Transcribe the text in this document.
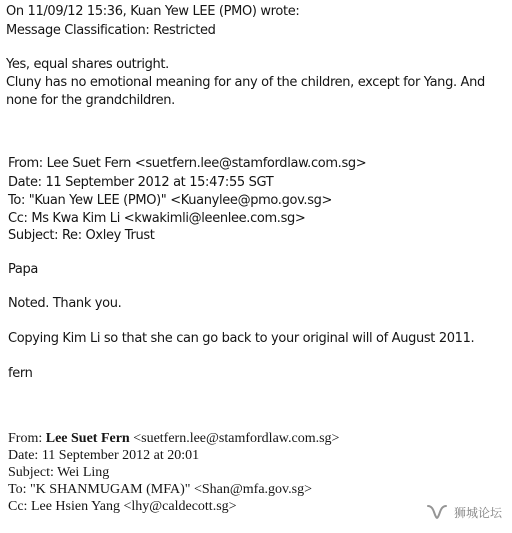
On 11/09/12 15:36, Kuan Yew LEE (PMO) wrote:
Message Classification: Restricted
Yes, equal shares outright.
Cluny has no emotional meaning for any of the children, except for Yang. And
none for the grandchildren.
From: Lee Suet Fern <suetfern.lee@stamfordlaw.com.sg>
Date: 11 September 2012 at 15:47:55 SGT
To: "Kuan Yew LEE (PMO)" <Kuanylee@pmo.gov.sg>
Cc: Ms Kwa Kim Li <kwakimli@leenlee.com.sg>
Subject: Re: Oxley Trust
Papa
Noted. Thank you.
Copying Kim Li so that she can go back to your original will of August 2011.
fern
From: Lee Suet Fern <suetfern.lee@stamfordlaw.com.sg>
Date: 11 September 2012 at 20:01
Subject: Wei Ling
To: "K SHANMUGAM (MFA)" <Shan@mfa.gov.sg>
Cc: Lee Hsien Yang <lhy@caldecott.sg>	狮城论坛
